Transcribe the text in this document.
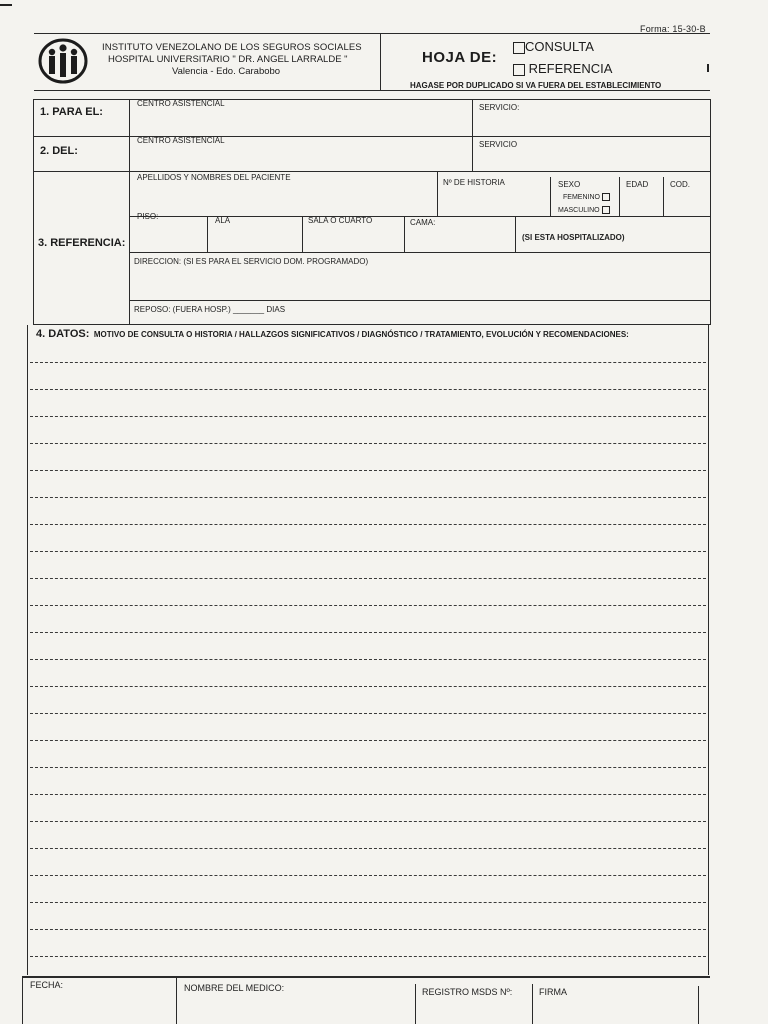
Forma: 15-30-B
INSTITUTO VENEZOLANO DE LOS SEGUROS SOCIALES
HOSPITAL UNIVERSITARIO " DR. ANGEL LARRALDE "
Valencia - Edo. Carabobo
HOJA DE:
CONSULTA
REFERENCIA
HAGASE POR DUPLICADO SI VA FUERA DEL ESTABLECIMIENTO
1. PARA EL:
CENTRO ASISTENCIAL	SERVICIO:
2. DEL:
CENTRO ASISTENCIAL	SERVICIO
3. REFERENCIA:
APELLIDOS Y NOMBRES DEL PACIENTE
Nº DE HISTORIA	SEXO
FEMENINO
MASCULINO
EDAD	COD.
PISO:	ALA	SALA O CUARTO	CAMA:
(SI ESTA HOSPITALIZADO)
DIRECCION: (SI ES PARA EL SERVICIO DOM. PROGRAMADO)
REPOSO: (FUERA HOSP.) _______ DIAS
4. DATOS: MOTIVO DE CONSULTA O HISTORIA / HALLAZGOS SIGNIFICATIVOS / DIAGNÓSTICO / TRATAMIENTO, EVOLUCIÓN Y RECOMENDACIONES:
FECHA:	NOMBRE DEL MEDICO:	REGISTRO MSDS Nº:	FIRMA
